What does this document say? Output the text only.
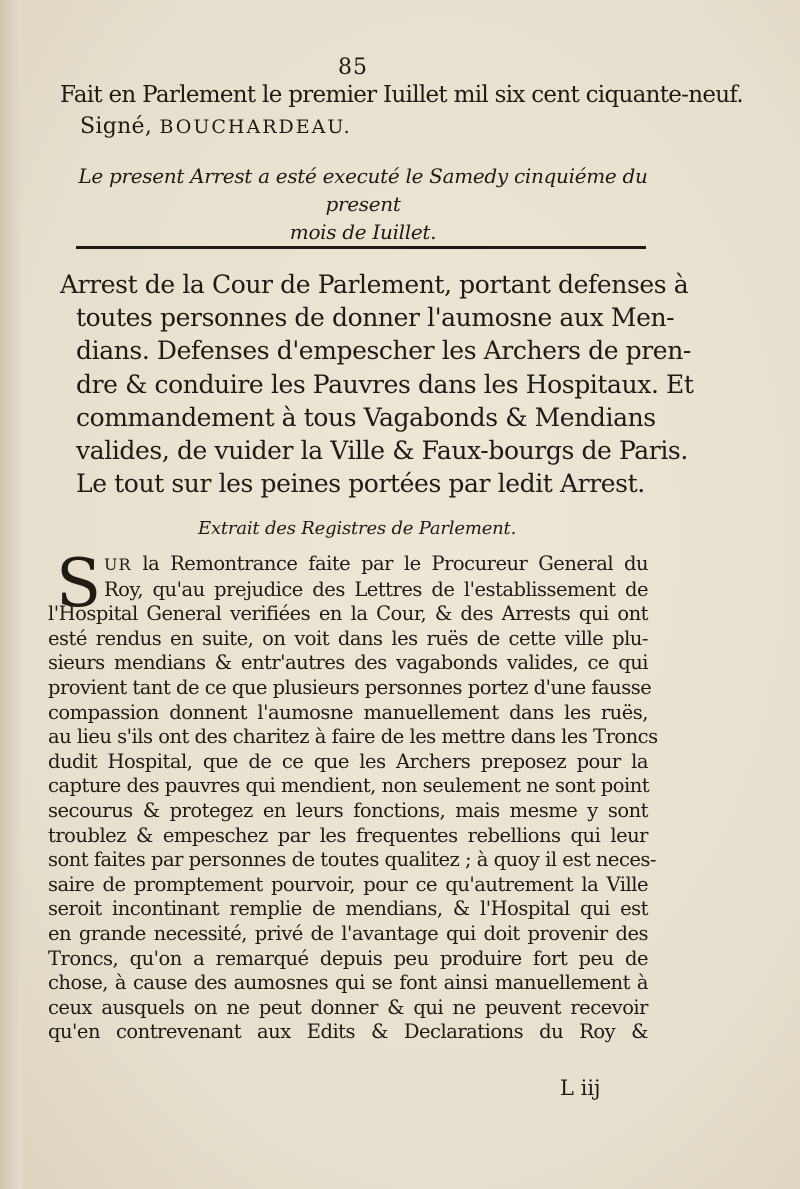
85
Fait en Parlement le premier Iuillet mil six cent ciquante-neuf.
Signé, BOUCHARDEAU.
Le present Arrest a esté executé le Samedy cinquiéme du present
mois de Iuillet.
Arrest de la Cour de Parlement, portant defenses à
toutes personnes de donner l'aumosne aux Men-
dians. Defenses d'empescher les Archers de pren-
dre & conduire les Pauvres dans les Hospitaux. Et
commandement à tous Vagabonds & Mendians
valides, de vuider la Ville & Faux-bourgs de Paris.
Le tout sur les peines portées par ledit Arrest.
Extrait des Registres de Parlement.
S UR la Remontrance faite par le Procureur General du
Roy, qu'au prejudice des Lettres de l'establissement de
l'Hospital General verifiées en la Cour, & des Arrests qui ont
esté rendus en suite, on voit dans les ruës de cette ville plu-
sieurs mendians & entr'autres des vagabonds valides, ce qui
provient tant de ce que plusieurs personnes portez d'une fausse
compassion donnent l'aumosne manuellement dans les ruës,
au lieu s'ils ont des charitez à faire de les mettre dans les Troncs
dudit Hospital, que de ce que les Archers preposez pour la
capture des pauvres qui mendient, non seulement ne sont point
secourus & protegez en leurs fonctions, mais mesme y sont
troublez & empeschez par les frequentes rebellions qui leur
sont faites par personnes de toutes qualitez ; à quoy il est neces-
saire de promptement pourvoir, pour ce qu'autrement la Ville
seroit incontinant remplie de mendians, & l'Hospital qui est
en grande necessité, privé de l'avantage qui doit provenir des
Troncs, qu'on a remarqué depuis peu produire fort peu de
chose, à cause des aumosnes qui se font ainsi manuellement à
ceux ausquels on ne peut donner & qui ne peuvent recevoir
qu'en contrevenant aux Edits & Declarations du Roy &
L iij
